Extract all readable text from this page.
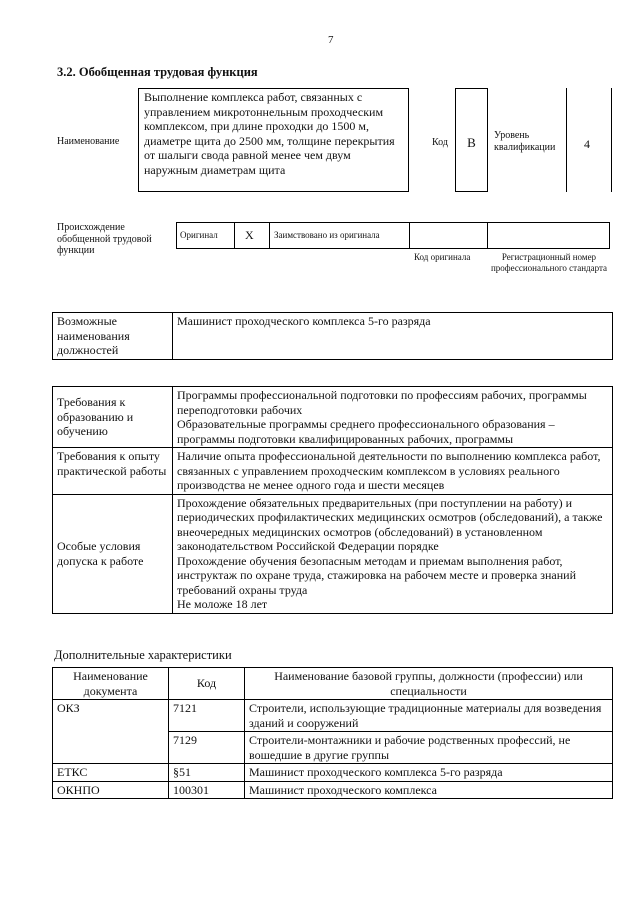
7
3.2. Обобщенная трудовая функция
Наименование
Выполнение комплекса работ, связанных с управлением микротоннельным проходческим комплексом, при длине проходки до 1500 м, диаметре щита до 2500 мм, толщине перекрытия от шалыги свода равной менее чем двум наружным диаметрам щита
Код	B	Уровень квалификации	4
Происхождение обобщенной трудовой функции
Оригинал X Заимствовано из оригинала
Код оригинала	Регистрационный номер профессионального стандарта
Возможные наименования должностей	Машинист проходческого комплекса 5-го разряда
Требования к образованию и обучению	Программы профессиональной подготовки по профессиям рабочих, программы переподготовки рабочих
Образовательные программы среднего профессионального образования – программы подготовки квалифицированных рабочих, программы

Требования к опыту практической работы	Наличие опыта профессиональной деятельности по выполнению комплекса работ, связанных с управлением проходческим комплексом в условиях реального производства не менее одного года и шести месяцев

Особые условия допуска к работе	Прохождение обязательных предварительных (при поступлении на работу) и периодических профилактических медицинских осмотров (обследований), а также внеочередных медицинских осмотров (обследований) в установленном законодательством Российской Федерации порядке
Прохождение обучения безопасным методам и приемам выполнения работ, инструктаж по охране труда, стажировка на рабочем месте и проверка знаний требований охраны труда
Не моложе 18 лет
Дополнительные характеристики
Наименование документа	Код	Наименование базовой группы, должности (профессии) или специальности
ОКЗ	7121	Строители, использующие традиционные материалы для возведения зданий и сооружений
	7129	Строители-монтажники и рабочие родственных профессий, не вошедшие в другие группы
ЕТКС	§51	Машинист проходческого комплекса 5-го разряда
ОКНПО	100301	Машинист проходческого комплекса
